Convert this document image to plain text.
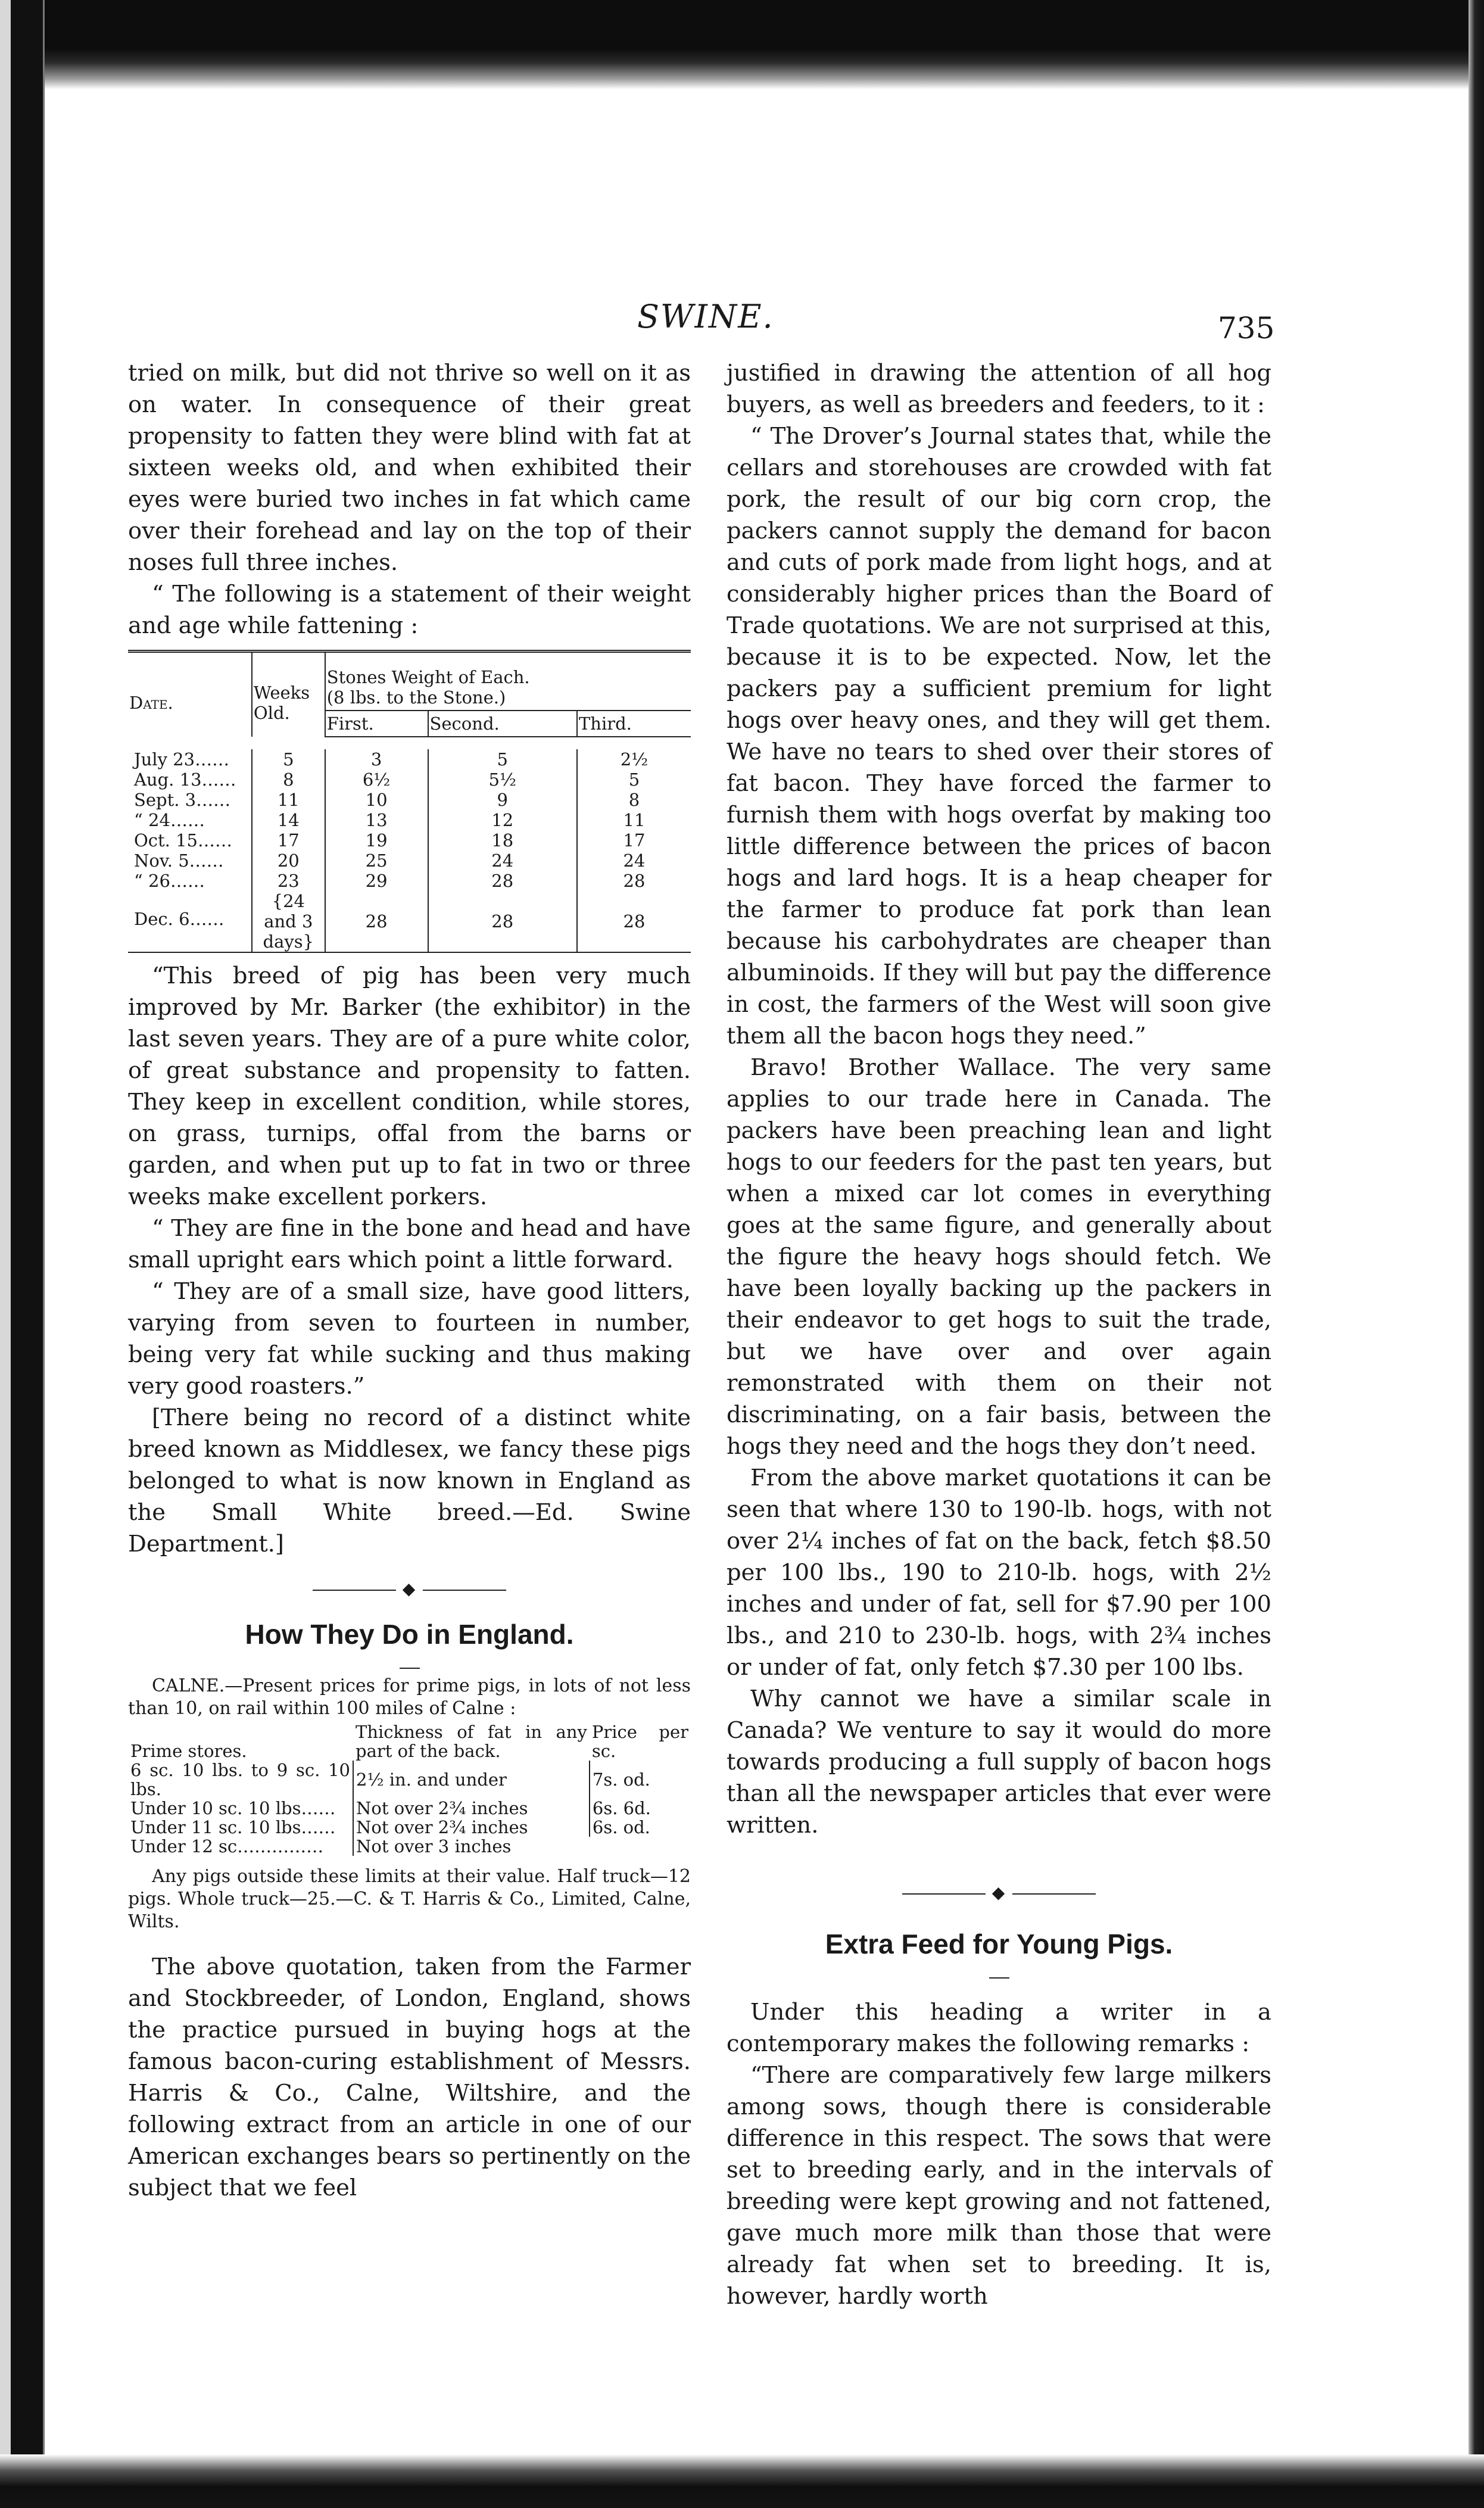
SWINE.	735

tried on milk, but did not thrive so well on it as on water. In consequence of their great propensity to fatten they were blind with fat at sixteen weeks old, and when exhibited their eyes were buried two inches in fat which came over their forehead and lay on the top of their noses full three inches.

“ The following is a statement of their weight and age while fattening :

Date.	Weeks Old.	Stones Weight of Each.
(8 lbs. to the Stone.)		

		First.	Second.	Third.

July 23……	5	3	5	2½
Aug. 13……	8	6½	5½	5
Sept. 3……	11	10	9	8
“ 24……	14	13	12	11
Oct. 15……	17	19	18	17
Nov. 5……	20	25	24	24
“ 26……	23	29	28	28
Dec. 6……	{24 and 3 days}	28	28	28

“This breed of pig has been very much improved by Mr. Barker (the exhibitor) in the last seven years. They are of a pure white color, of great substance and propensity to fatten. They keep in excellent condition, while stores, on grass, turnips, offal from the barns or garden, and when put up to fat in two or three weeks make excellent porkers.

“ They are fine in the bone and head and have small upright ears which point a little forward.

“ They are of a small size, have good litters, varying from seven to fourteen in number, being very fat while sucking and thus making very good roasters.”

[There being no record of a distinct white breed known as Middlesex, we fancy these pigs belonged to what is now known in England as the Small White breed.—Ed. Swine Department.]

◆
How They Do in England.

CALNE.—Present prices for prime pigs, in lots of not less than 10, on rail within 100 miles of Calne :

Prime stores.	Thickness of fat in any part of the back.	Price per sc.
6 sc. 10 lbs. to 9 sc. 10 lbs.	2½ in. and under	7s. od.
Under 10 sc. 10 lbs……	Not over 2¾ inches	6s. 6d.
Under 11 sc. 10 lbs……	Not over 2¾ inches	6s. od.
Under 12 sc……………	Not over 3 inches	

Any pigs outside these limits at their value. Half truck—12 pigs. Whole truck—25.—C. & T. Harris & Co., Limited, Calne, Wilts.

The above quotation, taken from the Farmer and Stockbreeder, of London, England, shows the practice pursued in buying hogs at the famous bacon-curing establishment of Messrs. Harris & Co., Calne, Wiltshire, and the following extract from an article in one of our American exchanges bears so pertinently on the subject that we feel

justified in drawing the attention of all hog buyers, as well as breeders and feeders, to it :

“ The Drover’s Journal states that, while the cellars and storehouses are crowded with fat pork, the result of our big corn crop, the packers cannot supply the demand for bacon and cuts of pork made from light hogs, and at considerably higher prices than the Board of Trade quotations. We are not surprised at this, because it is to be expected. Now, let the packers pay a sufficient premium for light hogs over heavy ones, and they will get them. We have no tears to shed over their stores of fat bacon. They have forced the farmer to furnish them with hogs overfat by making too little difference between the prices of bacon hogs and lard hogs. It is a heap cheaper for the farmer to produce fat pork than lean because his carbohydrates are cheaper than albuminoids. If they will but pay the difference in cost, the farmers of the West will soon give them all the bacon hogs they need.”

Bravo! Brother Wallace. The very same applies to our trade here in Canada. The packers have been preaching lean and light hogs to our feeders for the past ten years, but when a mixed car lot comes in everything goes at the same figure, and generally about the figure the heavy hogs should fetch. We have been loyally backing up the packers in their endeavor to get hogs to suit the trade, but we have over and over again remonstrated with them on their not discriminating, on a fair basis, between the hogs they need and the hogs they don’t need.

From the above market quotations it can be seen that where 130 to 190-lb. hogs, with not over 2¼ inches of fat on the back, fetch $8.50 per 100 lbs., 190 to 210-lb. hogs, with 2½ inches and under of fat, sell for $7.90 per 100 lbs., and 210 to 230-lb. hogs, with 2¾ inches or under of fat, only fetch $7.30 per 100 lbs.

Why cannot we have a similar scale in Canada? We venture to say it would do more towards producing a full supply of bacon hogs than all the newspaper articles that ever were written.

◆
Extra Feed for Young Pigs.

Under this heading a writer in a contemporary makes the following remarks :

“There are comparatively few large milkers among sows, though there is considerable difference in this respect. The sows that were set to breeding early, and in the intervals of breeding were kept growing and not fattened, gave much more milk than those that were already fat when set to breeding. It is, however, hardly worth
